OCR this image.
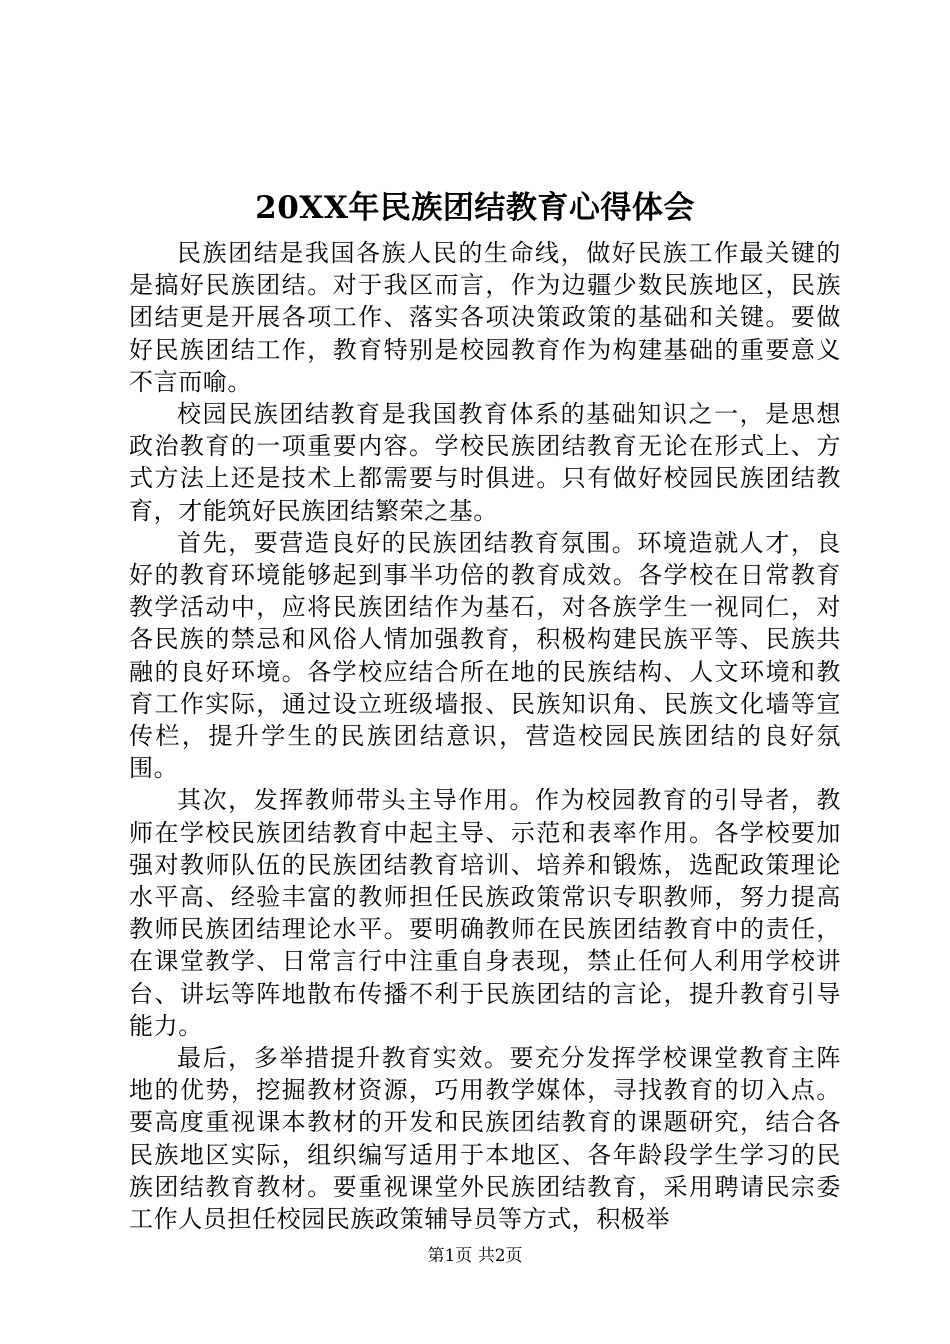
20XX年民族团结教育心得体会

民族团结是我国各族人民的生命线，做好民族工作最关键的是搞好民族团结。对于我区而言，作为边疆少数民族地区，民族团结更是开展各项工作、落实各项决策政策的基础和关键。要做好民族团结工作，教育特别是校园教育作为构建基础的重要意义不言而喻。

校园民族团结教育是我国教育体系的基础知识之一，是思想政治教育的一项重要内容。学校民族团结教育无论在形式上、方式方法上还是技术上都需要与时俱进。只有做好校园民族团结教育，才能筑好民族团结繁荣之基。

首先，要营造良好的民族团结教育氛围。环境造就人才，良好的教育环境能够起到事半功倍的教育成效。各学校在日常教育教学活动中，应将民族团结作为基石，对各族学生一视同仁，对各民族的禁忌和风俗人情加强教育，积极构建民族平等、民族共融的良好环境。各学校应结合所在地的民族结构、人文环境和教育工作实际，通过设立班级墙报、民族知识角、民族文化墙等宣传栏，提升学生的民族团结意识，营造校园民族团结的良好氛围。

其次，发挥教师带头主导作用。作为校园教育的引导者，教师在学校民族团结教育中起主导、示范和表率作用。各学校要加强对教师队伍的民族团结教育培训、培养和锻炼，选配政策理论水平高、经验丰富的教师担任民族政策常识专职教师，努力提高教师民族团结理论水平。要明确教师在民族团结教育中的责任，在课堂教学、日常言行中注重自身表现，禁止任何人利用学校讲台、讲坛等阵地散布传播不利于民族团结的言论，提升教育引导能力。

最后，多举措提升教育实效。要充分发挥学校课堂教育主阵地的优势，挖掘教材资源，巧用教学媒体，寻找教育的切入点。要高度重视课本教材的开发和民族团结教育的课题研究，结合各民族地区实际，组织编写适用于本地区、各年龄段学生学习的民族团结教育教材。要重视课堂外民族团结教育，采用聘请民宗委工作人员担任校园民族政策辅导员等方式，积极举

第1页 共2页
